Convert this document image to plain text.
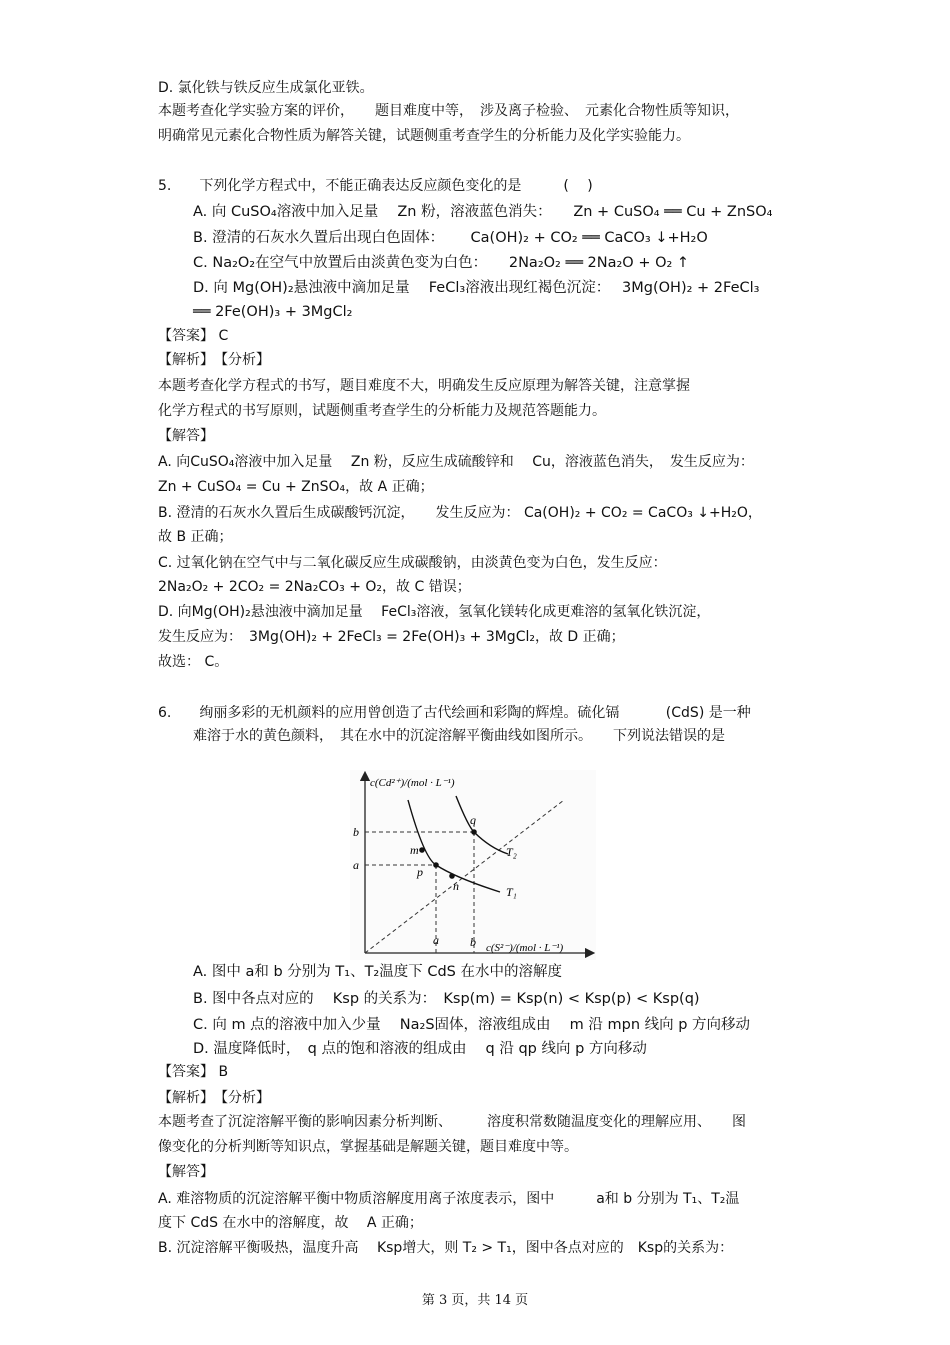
D. 氯化铁与铁反应生成氯化亚铁。
本题考查化学实验方案的评价，　　题目难度中等，　涉及离子检验、　元素化合物性质等知识，
明确常见元素化合物性质为解答关键，试题侧重考查学生的分析能力及化学实验能力。
5.　　下列化学方程式中，不能正确表达反应颜色变化的是　　　(　 )
A. 向 CuSO₄溶液中加入足量　 Zn 粉，溶液蓝色消失：　　Zn + CuSO₄ ══ Cu + ZnSO₄
B. 澄清的石灰水久置后出现白色固体：　　 Ca(OH)₂ + CO₂ ══ CaCO₃ ↓+H₂O
C. Na₂O₂在空气中放置后由淡黄色变为白色：　　2Na₂O₂ ══ 2Na₂O + O₂ ↑
D. 向 Mg(OH)₂悬浊液中滴加足量　 FeCl₃溶液出现红褐色沉淀：　 3Mg(OH)₂ + 2FeCl₃
══ 2Fe(OH)₃ + 3MgCl₂
【答案】 C
【解析】　【分析】
本题考查化学方程式的书写，题目难度不大，明确发生反应原理为解答关键，注意掌握
化学方程式的书写原则，试题侧重考查学生的分析能力及规范答题能力。
【解答】
A. 向CuSO₄溶液中加入足量　 Zn 粉，反应生成硫酸锌和　 Cu，溶液蓝色消失，　发生反应为：
Zn + CuSO₄ = Cu + ZnSO₄，故 A 正确；
B. 澄清的石灰水久置后生成碳酸钙沉淀，　　发生反应为： Ca(OH)₂ + CO₂ = CaCO₃ ↓+H₂O，
故 B 正确；
C. 过氧化钠在空气中与二氧化碳反应生成碳酸钠，由淡黄色变为白色，发生反应：
2Na₂O₂ + 2CO₂ = 2Na₂CO₃ + O₂，故 C 错误；
D. 向Mg(OH)₂悬浊液中滴加足量　 FeCl₃溶液，氢氧化镁转化成更难溶的氢氧化铁沉淀，
发生反应为：　3Mg(OH)₂ + 2FeCl₃ = 2Fe(OH)₃ + 3MgCl₂，故 D 正确；
故选： C。
6.　　绚丽多彩的无机颜料的应用曾创造了古代绘画和彩陶的辉煌。硫化镉　　　 (CdS) 是一种
难溶于水的黄色颜料，　其在水中的沉淀溶解平衡曲线如图所示。　　下列说法错误的是
c(Cd²⁺)/(mol · L⁻¹)
c(S²⁻)/(mol · L⁻¹)
b
a
a	b
m
p
n
q
T₂
T₁
A. 图中 a和 b 分别为 T₁、T₂温度下 CdS 在水中的溶解度
B. 图中各点对应的　 Ksp 的关系为：　Ksp(m) = Ksp(n) < Ksp(p) < Ksp(q)
C. 向 m 点的溶液中加入少量　 Na₂S固体，溶液组成由　 m 沿 mpn 线向 p 方向移动
D. 温度降低时，　q 点的饱和溶液的组成由　 q 沿 qp 线向 p 方向移动
【答案】 B
【解析】　【分析】
本题考查了沉淀溶解平衡的影响因素分析判断、　　　溶度积常数随温度变化的理解应用、　　图
像变化的分析判断等知识点，掌握基础是解题关键，题目难度中等。
【解答】
A. 难溶物质的沉淀溶解平衡中物质溶解度用离子浓度表示，图中　　　a和 b 分别为 T₁、T₂温
度下 CdS 在水中的溶解度，故　 A 正确；
B. 沉淀溶解平衡吸热，温度升高　 Ksp增大，则 T₂ > T₁，图中各点对应的　Ksp的关系为：
第 3 页，共 14 页
